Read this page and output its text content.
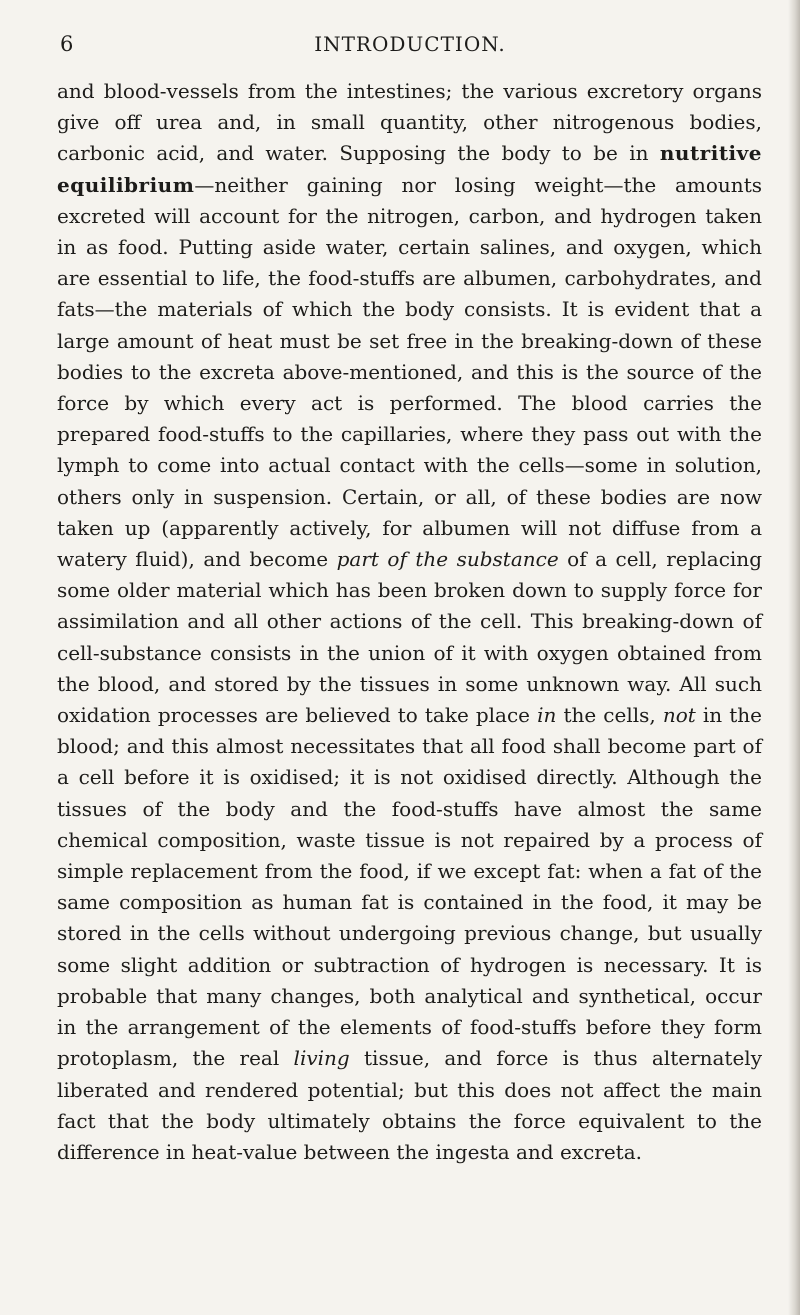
6	INTRODUCTION.

and blood-vessels from the intestines; the various excretory organs give off urea and, in small quantity, other nitrogenous bodies, carbonic acid, and water. Supposing the body to be in nutritive equilibrium—neither gaining nor losing weight—the amounts excreted will account for the nitrogen, carbon, and hydrogen taken in as food. Putting aside water, certain salines, and oxygen, which are essential to life, the food-stuffs are albumen, carbohydrates, and fats—the materials of which the body consists. It is evident that a large amount of heat must be set free in the breaking-down of these bodies to the excreta above-mentioned, and this is the source of the force by which every act is performed. The blood carries the prepared food-stuffs to the capillaries, where they pass out with the lymph to come into actual contact with the cells—some in solution, others only in suspension. Certain, or all, of these bodies are now taken up (apparently actively, for albumen will not diffuse from a watery fluid), and become part of the substance of a cell, replacing some older material which has been broken down to supply force for assimilation and all other actions of the cell. This breaking-down of cell-substance consists in the union of it with oxygen obtained from the blood, and stored by the tissues in some unknown way. All such oxidation processes are believed to take place in the cells, not in the blood; and this almost necessitates that all food shall become part of a cell before it is oxidised; it is not oxidised directly. Although the tissues of the body and the food-stuffs have almost the same chemical composition, waste tissue is not repaired by a process of simple replacement from the food, if we except fat: when a fat of the same composition as human fat is contained in the food, it may be stored in the cells without undergoing previous change, but usually some slight addition or subtraction of hydrogen is necessary. It is probable that many changes, both analytical and synthetical, occur in the arrangement of the elements of food-stuffs before they form protoplasm, the real living tissue, and force is thus alternately liberated and rendered potential; but this does not affect the main fact that the body ultimately obtains the force equivalent to the difference in heat-value between the ingesta and excreta.
